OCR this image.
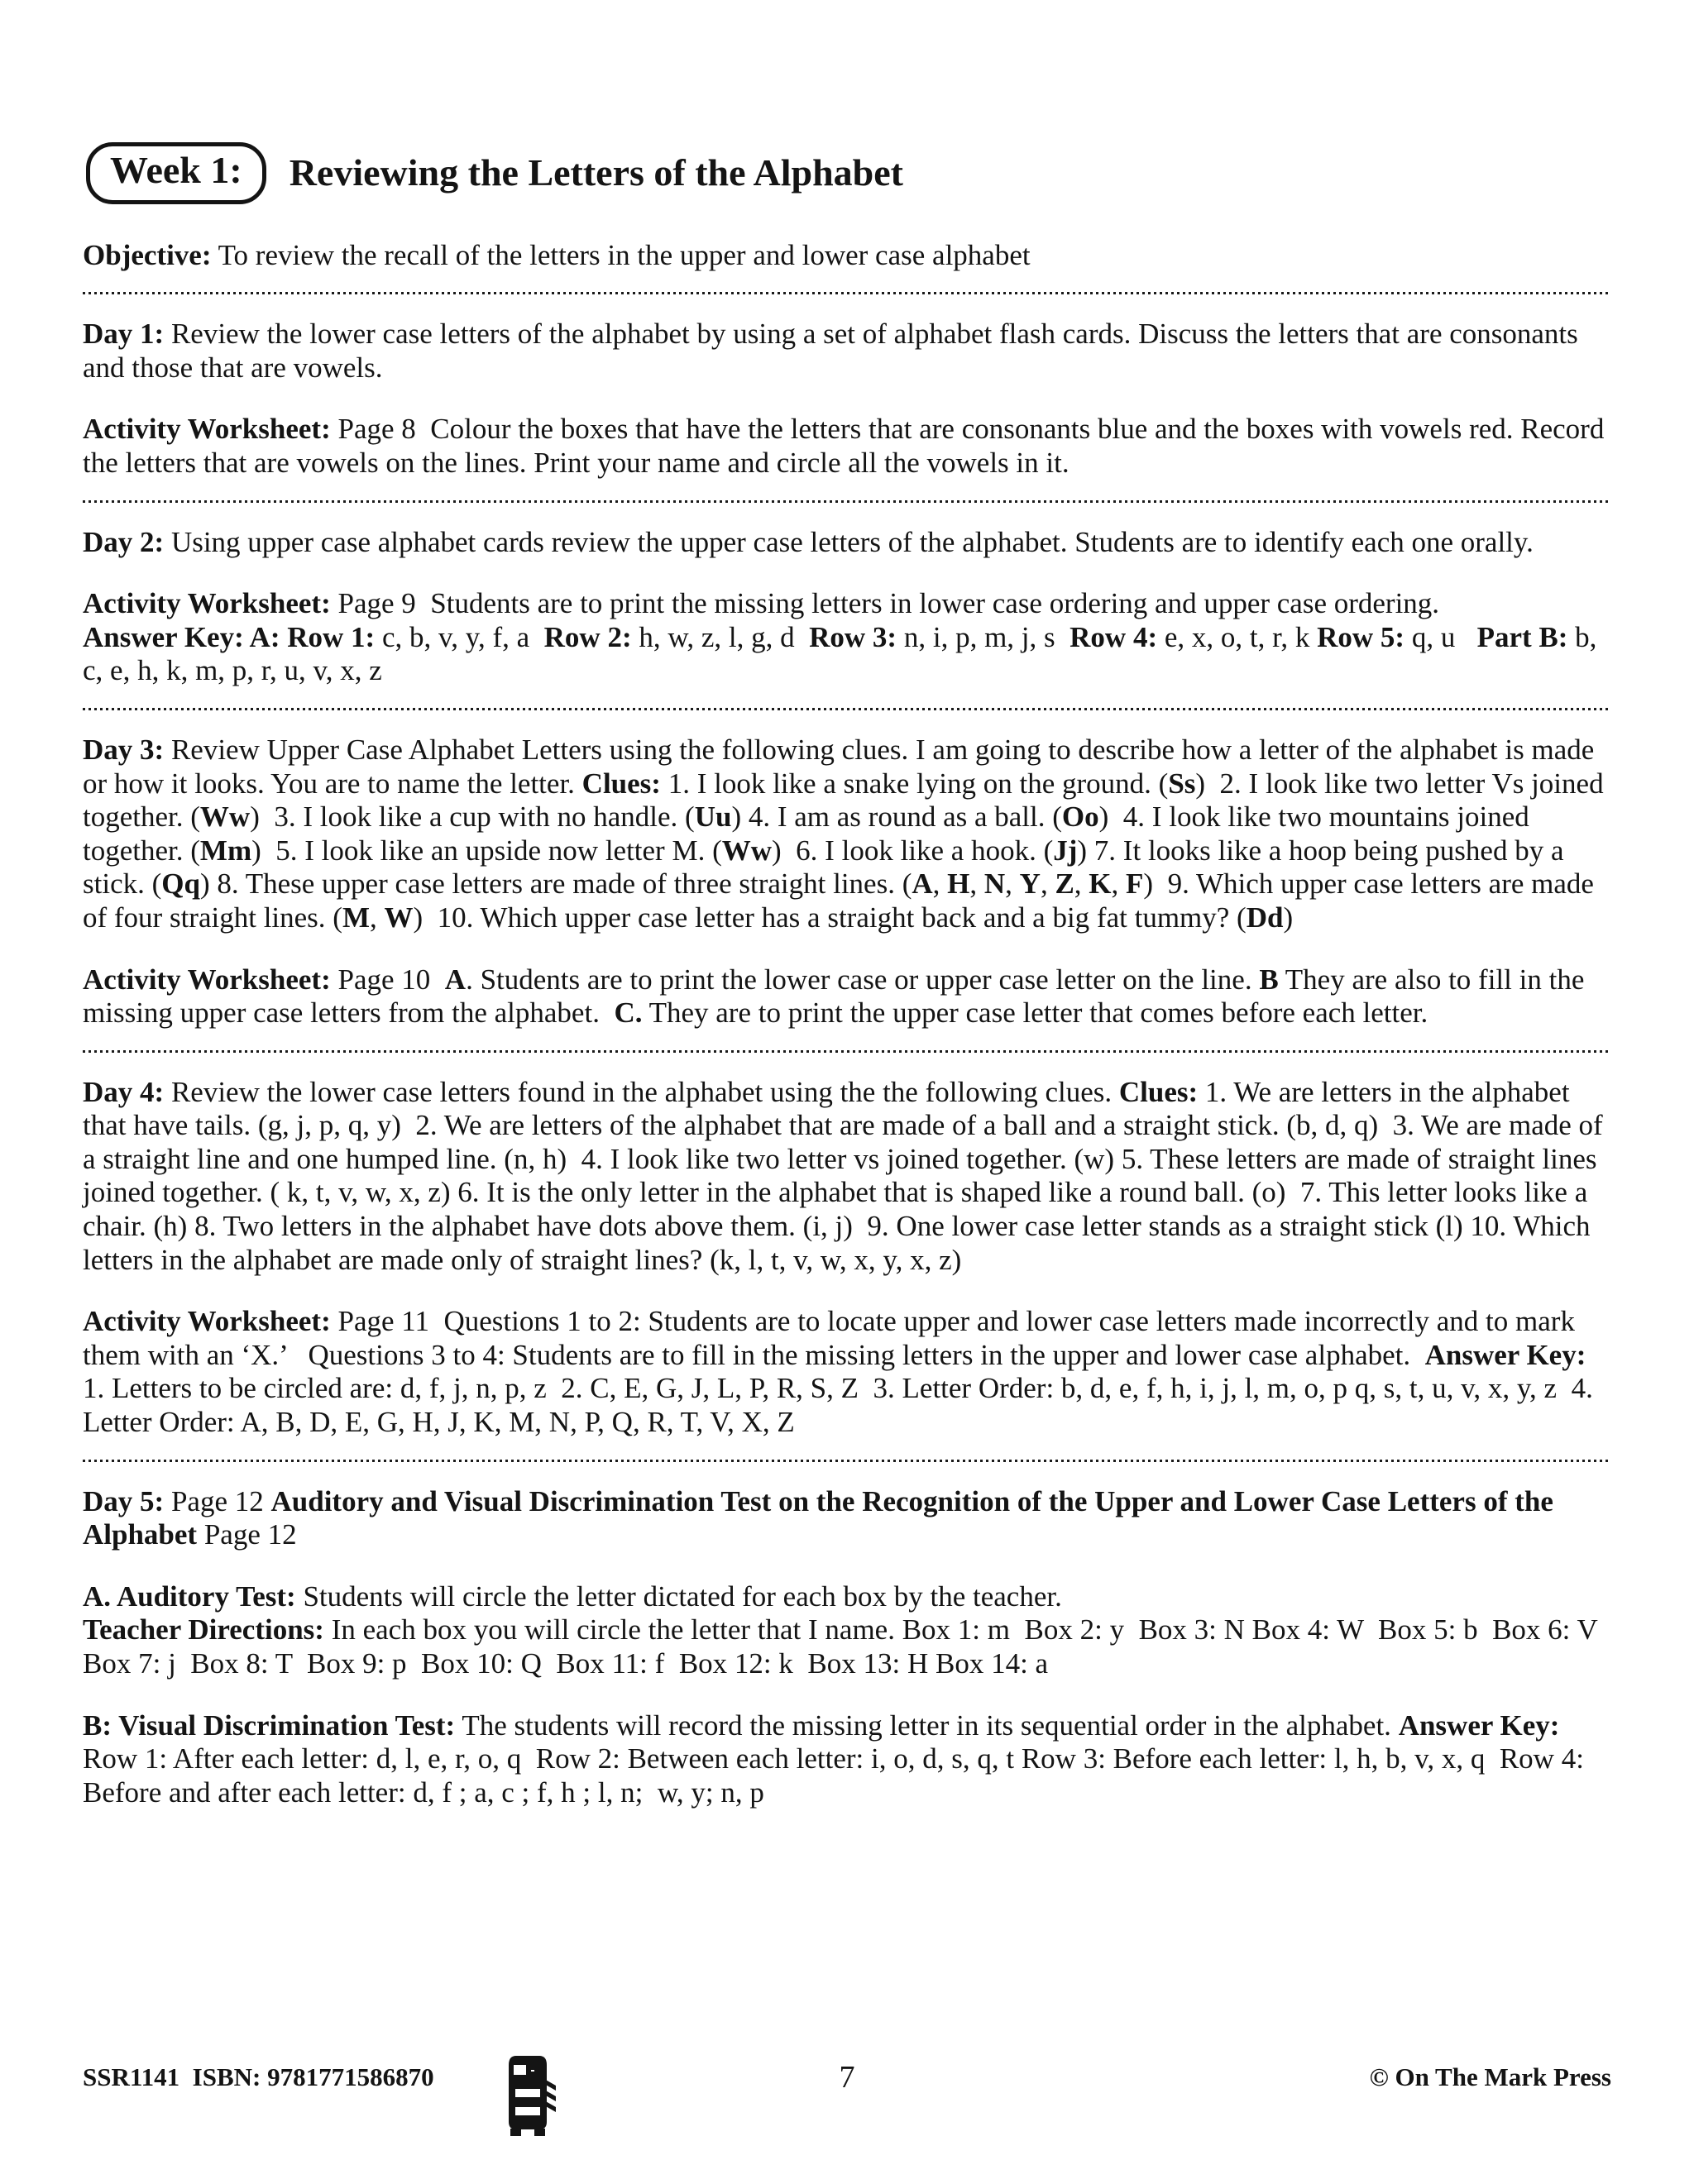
Week 1:	Reviewing the Letters of the Alphabet

Objective: To review the recall of the letters in the upper and lower case alphabet

Day 1: Review the lower case letters of the alphabet by using a set of alphabet flash cards. Discuss the letters that are consonants and those that are vowels.

Activity Worksheet: Page 8  Colour the boxes that have the letters that are consonants blue and the boxes with vowels red. Record the letters that are vowels on the lines. Print your name and circle all the vowels in it.

Day 2: Using upper case alphabet cards review the upper case letters of the alphabet. Students are to identify each one orally.

Activity Worksheet: Page 9  Students are to print the missing letters in lower case ordering and upper case ordering.
Answer Key: A: Row 1: c, b, v, y, f, a  Row 2: h, w, z, l, g, d  Row 3: n, i, p, m, j, s  Row 4: e, x, o, t, r, k Row 5: q, u   Part B: b, c, e, h, k, m, p, r, u, v, x, z

Day 3: Review Upper Case Alphabet Letters using the following clues. I am going to describe how a letter of the alphabet is made or how it looks. You are to name the letter. Clues: 1. I look like a snake lying on the ground. (Ss)  2. I look like two letter Vs joined together. (Ww)  3. I look like a cup with no handle. (Uu) 4. I am as round as a ball. (Oo)  4. I look like two mountains joined together. (Mm)  5. I look like an upside now letter M. (Ww)  6. I look like a hook. (Jj) 7. It looks like a hoop being pushed by a stick. (Qq) 8. These upper case letters are made of three straight lines. (A, H, N, Y, Z, K, F)  9. Which upper case letters are made of four straight lines. (M, W)  10. Which upper case letter has a straight back and a big fat tummy? (Dd)

Activity Worksheet: Page 10  A. Students are to print the lower case or upper case letter on the line. B They are also to fill in the missing upper case letters from the alphabet.  C. They are to print the upper case letter that comes before each letter.

Day 4: Review the lower case letters found in the alphabet using the the following clues. Clues: 1. We are letters in the alphabet that have tails. (g, j, p, q, y)  2. We are letters of the alphabet that are made of a ball and a straight stick. (b, d, q)  3. We are made of a straight line and one humped line. (n, h)  4. I look like two letter vs joined together. (w) 5. These letters are made of straight lines joined together. ( k, t, v, w, x, z) 6. It is the only letter in the alphabet that is shaped like a round ball. (o)  7. This letter looks like a chair. (h) 8. Two letters in the alphabet have dots above them. (i, j)  9. One lower case letter stands as a straight stick (l) 10. Which letters in the alphabet are made only of straight lines? (k, l, t, v, w, x, y, x, z)

Activity Worksheet: Page 11  Questions 1 to 2: Students are to locate upper and lower case letters made incorrectly and to mark them with an ‘X.’   Questions 3 to 4: Students are to fill in the missing letters in the upper and lower case alphabet.  Answer Key: 1. Letters to be circled are: d, f, j, n, p, z  2. C, E, G, J, L, P, R, S, Z  3. Letter Order: b, d, e, f, h, i, j, l, m, o, p q, s, t, u, v, x, y, z  4. Letter Order: A, B, D, E, G, H, J, K, M, N, P, Q, R, T, V, X, Z

Day 5: Page 12 Auditory and Visual Discrimination Test on the Recognition of the Upper and Lower Case Letters of the Alphabet Page 12

A. Auditory Test: Students will circle the letter dictated for each box by the teacher.
Teacher Directions: In each box you will circle the letter that I name. Box 1: m  Box 2: y  Box 3: N Box 4: W  Box 5: b  Box 6: V  Box 7: j  Box 8: T  Box 9: p  Box 10: Q  Box 11: f  Box 12: k  Box 13: H Box 14: a

B: Visual Discrimination Test: The students will record the missing letter in its sequential order in the alphabet. Answer Key: Row 1: After each letter: d, l, e, r, o, q  Row 2: Between each letter: i, o, d, s, q, t Row 3: Before each letter: l, h, b, v, x, q  Row 4: Before and after each letter: d, f ; a, c ; f, h ; l, n;  w, y; n, p

SSR1141  ISBN: 9781771586870	7	© On The Mark Press
